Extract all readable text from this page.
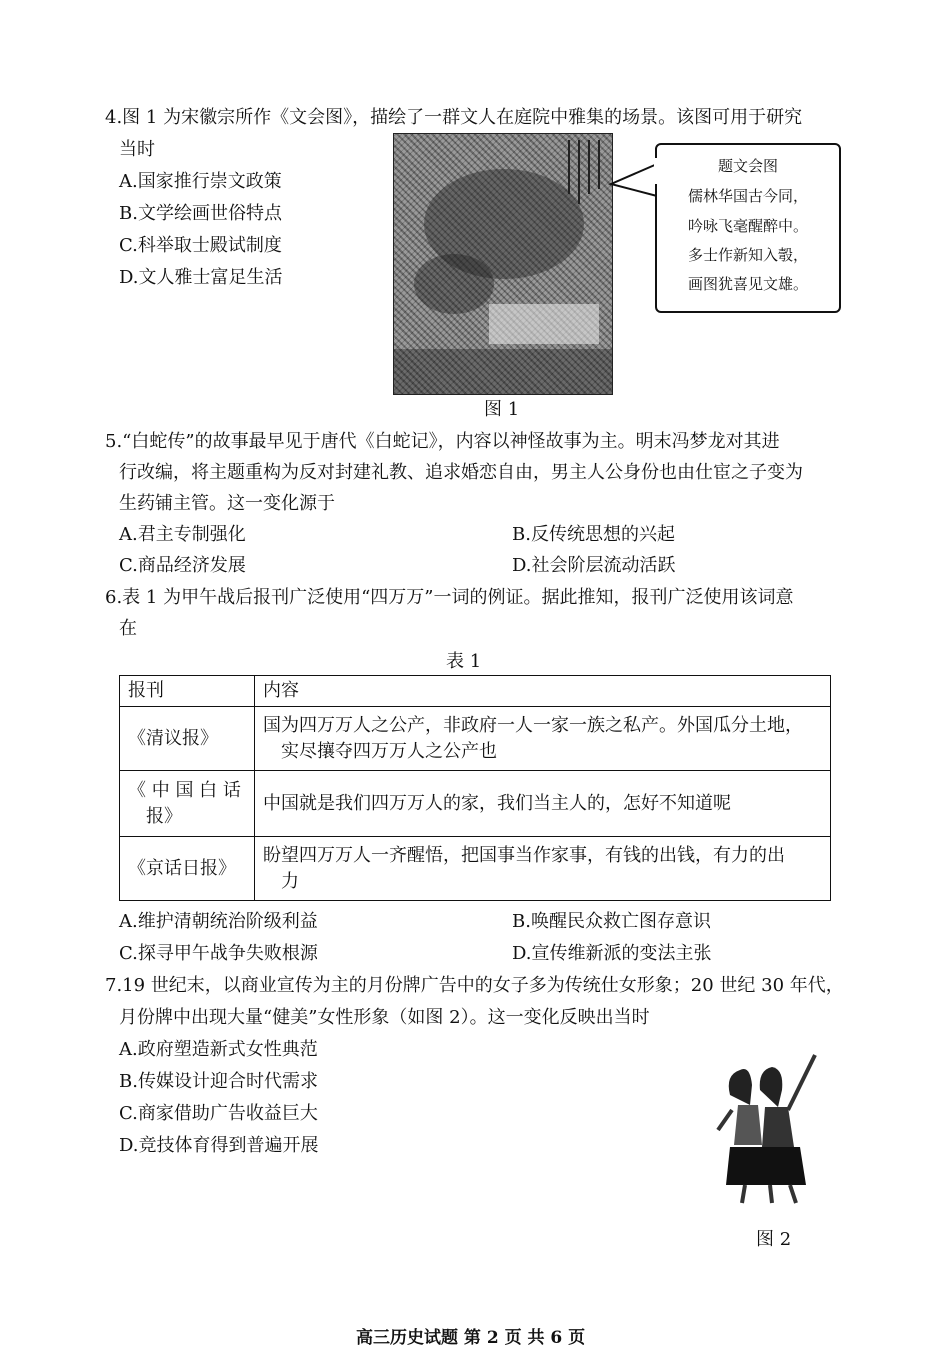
4.图 1 为宋徽宗所作《文会图》，描绘了一群文人在庭院中雅集的场景。该图可用于研究
当时
A.国家推行崇文政策
B.文学绘画世俗特点
C.科举取士殿试制度
D.文人雅士富足生活
题文会图
儒林华国古今同，
吟咏飞毫醒醉中。
多士作新知入彀，
画图犹喜见文雄。
图 1
5.“白蛇传”的故事最早见于唐代《白蛇记》，内容以神怪故事为主。明末冯梦龙对其进
行改编，将主题重构为反对封建礼教、追求婚恋自由，男主人公身份也由仕宦之子变为
生药铺主管。这一变化源于
A.君主专制强化	B.反传统思想的兴起
C.商品经济发展	D.社会阶层流动活跃
6.表 1 为甲午战后报刊广泛使用“四万万”一词的例证。据此推知，报刊广泛使用该词意
在
表 1
报刊	内容
《清议报》	国为四万万人之公产，非政府一人一家一族之私产。外国瓜分土地，
实尽攘夺四万万人之公产也

《 中 国 白 话
报》	中国就是我们四万万人的家，我们当主人的，怎好不知道呢
《京话日报》	盼望四万万人一齐醒悟，把国事当作家事，有钱的出钱，有力的出
力
A.维护清朝统治阶级利益	B.唤醒民众救亡图存意识
C.探寻甲午战争失败根源	D.宣传维新派的变法主张
7.19 世纪末，以商业宣传为主的月份牌广告中的女子多为传统仕女形象；20 世纪 30 年代，
月份牌中出现大量“健美”女性形象（如图 2）。这一变化反映出当时
A.政府塑造新式女性典范
B.传媒设计迎合时代需求
C.商家借助广告收益巨大
D.竞技体育得到普遍开展
图 2
高三历史试题 第 2 页 共 6 页
